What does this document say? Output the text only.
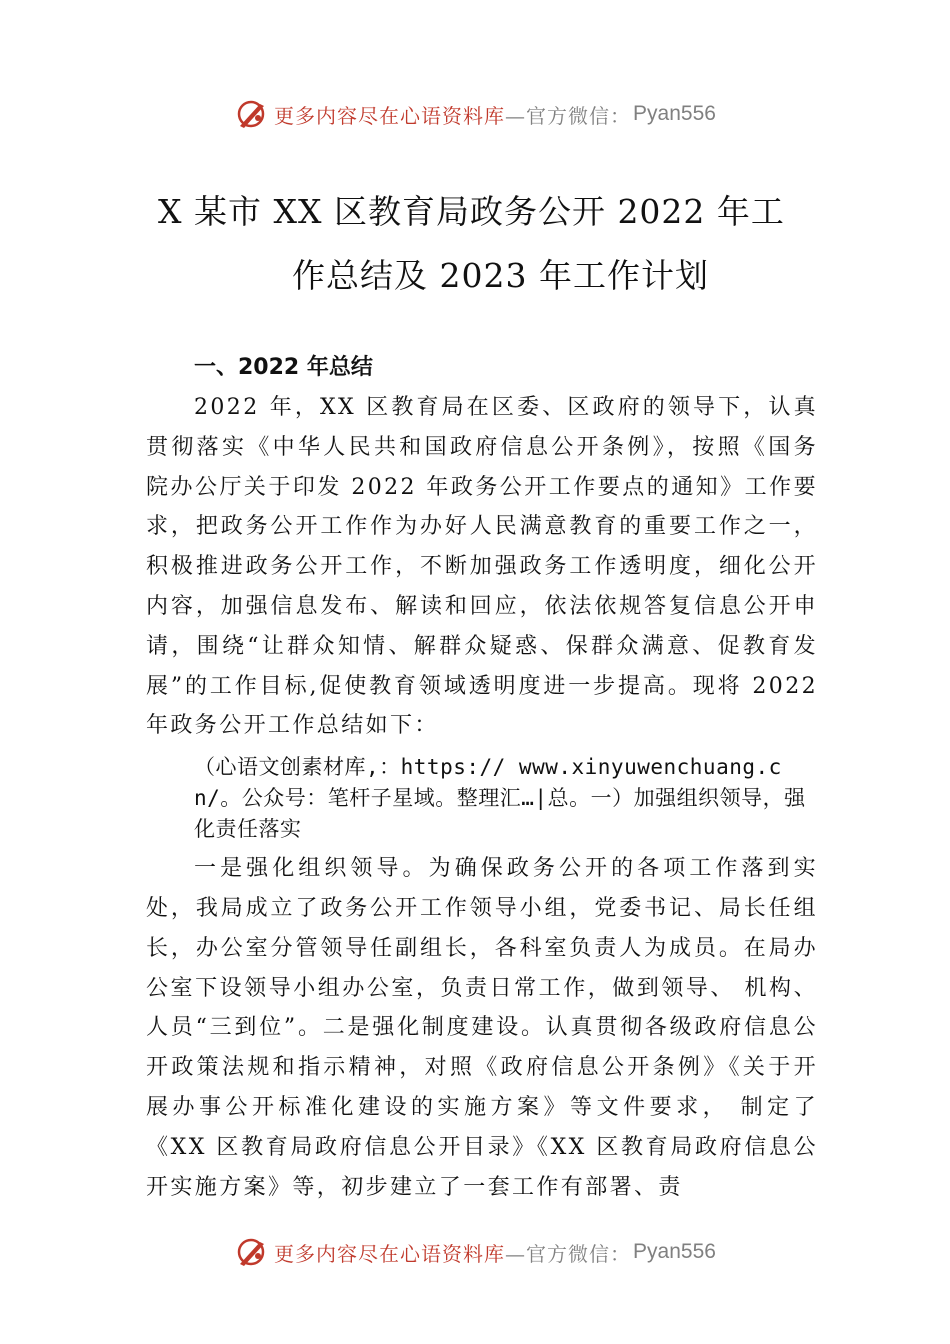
更多内容尽在心语资料库 —官方微信： Pyan556
X 某市 XX 区教育局政务公开 2022 年工
作总结及 2023 年工作计划
一、2022 年总结

2022 年，XX 区教育局在区委、区政府的领导下，认真贯彻落实《中华人民共和国政府信息公开条例》，按照《国务院办公厅关于印发 2022 年政务公开工作要点的通知》工作要求，把政务公开工作作为办好人民满意教育的重要工作之一，积极推进政务公开工作，不断加强政务工作透明度，细化公开内容，加强信息发布、解读和回应，依法依规答复信息公开申请，围绕“让群众知情、解群众疑惑、保群众满意、促教育发展”的工作目标,促使教育领域透明度进一步提高。现将 2022 年政务公开工作总结如下：

（心语文创素材库,：https:// www.xinyuwenchuang.cn/。公众号：笔杆子星域。整理汇…|总。一）加强组织领导，强化责任落实

一是强化组织领导。为确保政务公开的各项工作落到实处，我局成立了政务公开工作领导小组，党委书记、局长任组长，办公室分管领导任副组长，各科室负责人为成员。在局办公室下设领导小组办公室，负责日常工作，做到领导、 机构、人员“三到位”。二是强化制度建设。认真贯彻各级政府信息公开政策法规和指示精神，对照《政府信息公开条例》《关于开展办事公开标准化建设的实施方案》等文件要求， 制定了《XX 区教育局政府信息公开目录》《XX 区教育局政府信息公开实施方案》等，初步建立了一套工作有部署、责

更多内容尽在心语资料库 —官方微信： Pyan556
